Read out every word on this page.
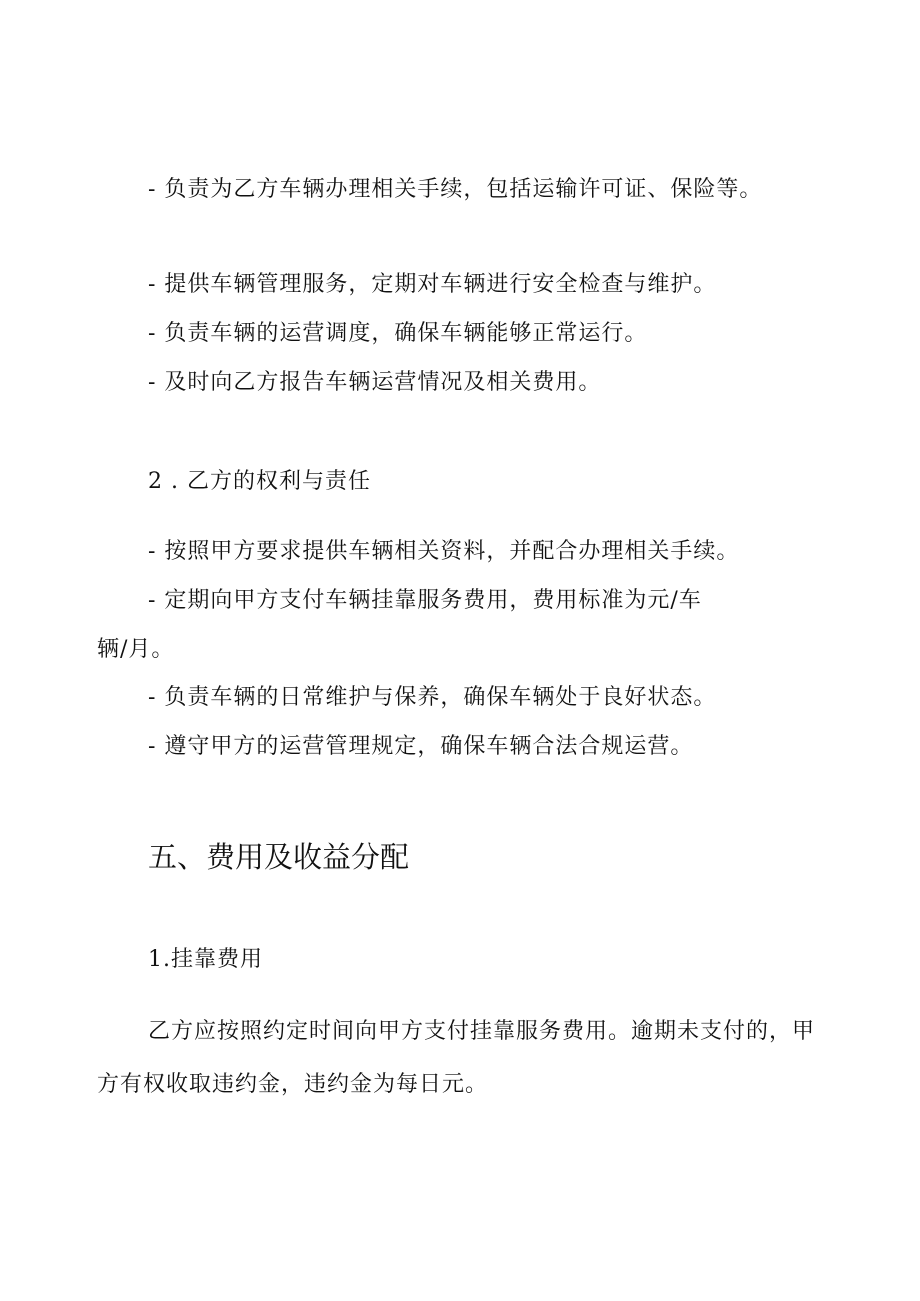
- 负责为乙方车辆办理相关手续，包括运输许可证、保险等。
- 提供车辆管理服务，定期对车辆进行安全检查与维护。
- 负责车辆的运营调度，确保车辆能够正常运行。
- 及时向乙方报告车辆运营情况及相关费用。
2 . 乙方的权利与责任
- 按照甲方要求提供车辆相关资料，并配合办理相关手续。
- 定期向甲方支付车辆挂靠服务费用，费用标准为元/车
辆/月。
- 负责车辆的日常维护与保养，确保车辆处于良好状态。
- 遵守甲方的运营管理规定，确保车辆合法合规运营。
五、费用及收益分配
1.挂靠费用

乙方应按照约定时间向甲方支付挂靠服务费用。逾期未支付的，甲方有权收取违约金，违约金为每日元。
